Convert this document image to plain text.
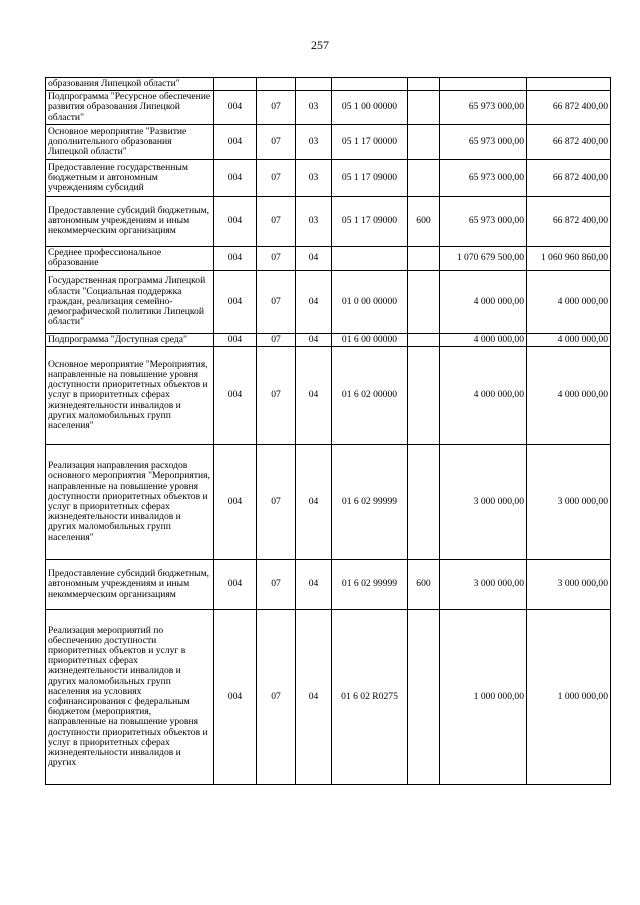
257
образования Липецкой области"							
Подпрограмма "Ресурсное обеспечение развития образования Липецкой области"	004	07	03	05 1 00 00000		65 973 000,00	66 872 400,00
Основное мероприятие "Развитие дополнительного образования Липецкой области"	004	07	03	05 1 17 00000		65 973 000,00	66 872 400,00
Предоставление государственным бюджетным и автономным учреждениям субсидий	004	07	03	05 1 17 09000		65 973 000,00	66 872 400,00
Предоставление субсидий бюджетным, автономным учреждениям и иным некоммерческим организациям	004	07	03	05 1 17 09000	600	65 973 000,00	66 872 400,00
Среднее профессиональное образование	004	07	04			1 070 679 500,00	1 060 960 860,00
Государственная программа Липецкой области "Социальная поддержка граждан, реализация семейно-демографической политики Липецкой области"	004	07	04	01 0 00 00000		4 000 000,00	4 000 000,00
Подпрограмма "Доступная среда"	004	07	04	01 6 00 00000		4 000 000,00	4 000 000,00
Основное мероприятие "Мероприятия, направленные на повышение уровня доступности приоритетных объектов и услуг в приоритетных сферах жизнедеятельности инвалидов и других маломобильных групп населения"	004	07	04	01 6 02 00000		4 000 000,00	4 000 000,00
Реализация направления расходов основного мероприятия "Мероприятия, направленные на повышение уровня доступности приоритетных объектов и услуг в приоритетных сферах жизнедеятельности инвалидов и других маломобильных групп населения"	004	07	04	01 6 02 99999		3 000 000,00	3 000 000,00
Предоставление субсидий бюджетным, автономным учреждениям и иным некоммерческим организациям	004	07	04	01 6 02 99999	600	3 000 000,00	3 000 000,00
Реализация мероприятий по обеспечению доступности приоритетных объектов и услуг в приоритетных сферах жизнедеятельности инвалидов и других маломобильных групп населения на условиях софинансирования с федеральным бюджетом (мероприятия, направленные на повышение уровня доступности приоритетных объектов и услуг в приоритетных сферах жизнедеятельности инвалидов и других	004	07	04	01 6 02 R0275		1 000 000,00	1 000 000,00
